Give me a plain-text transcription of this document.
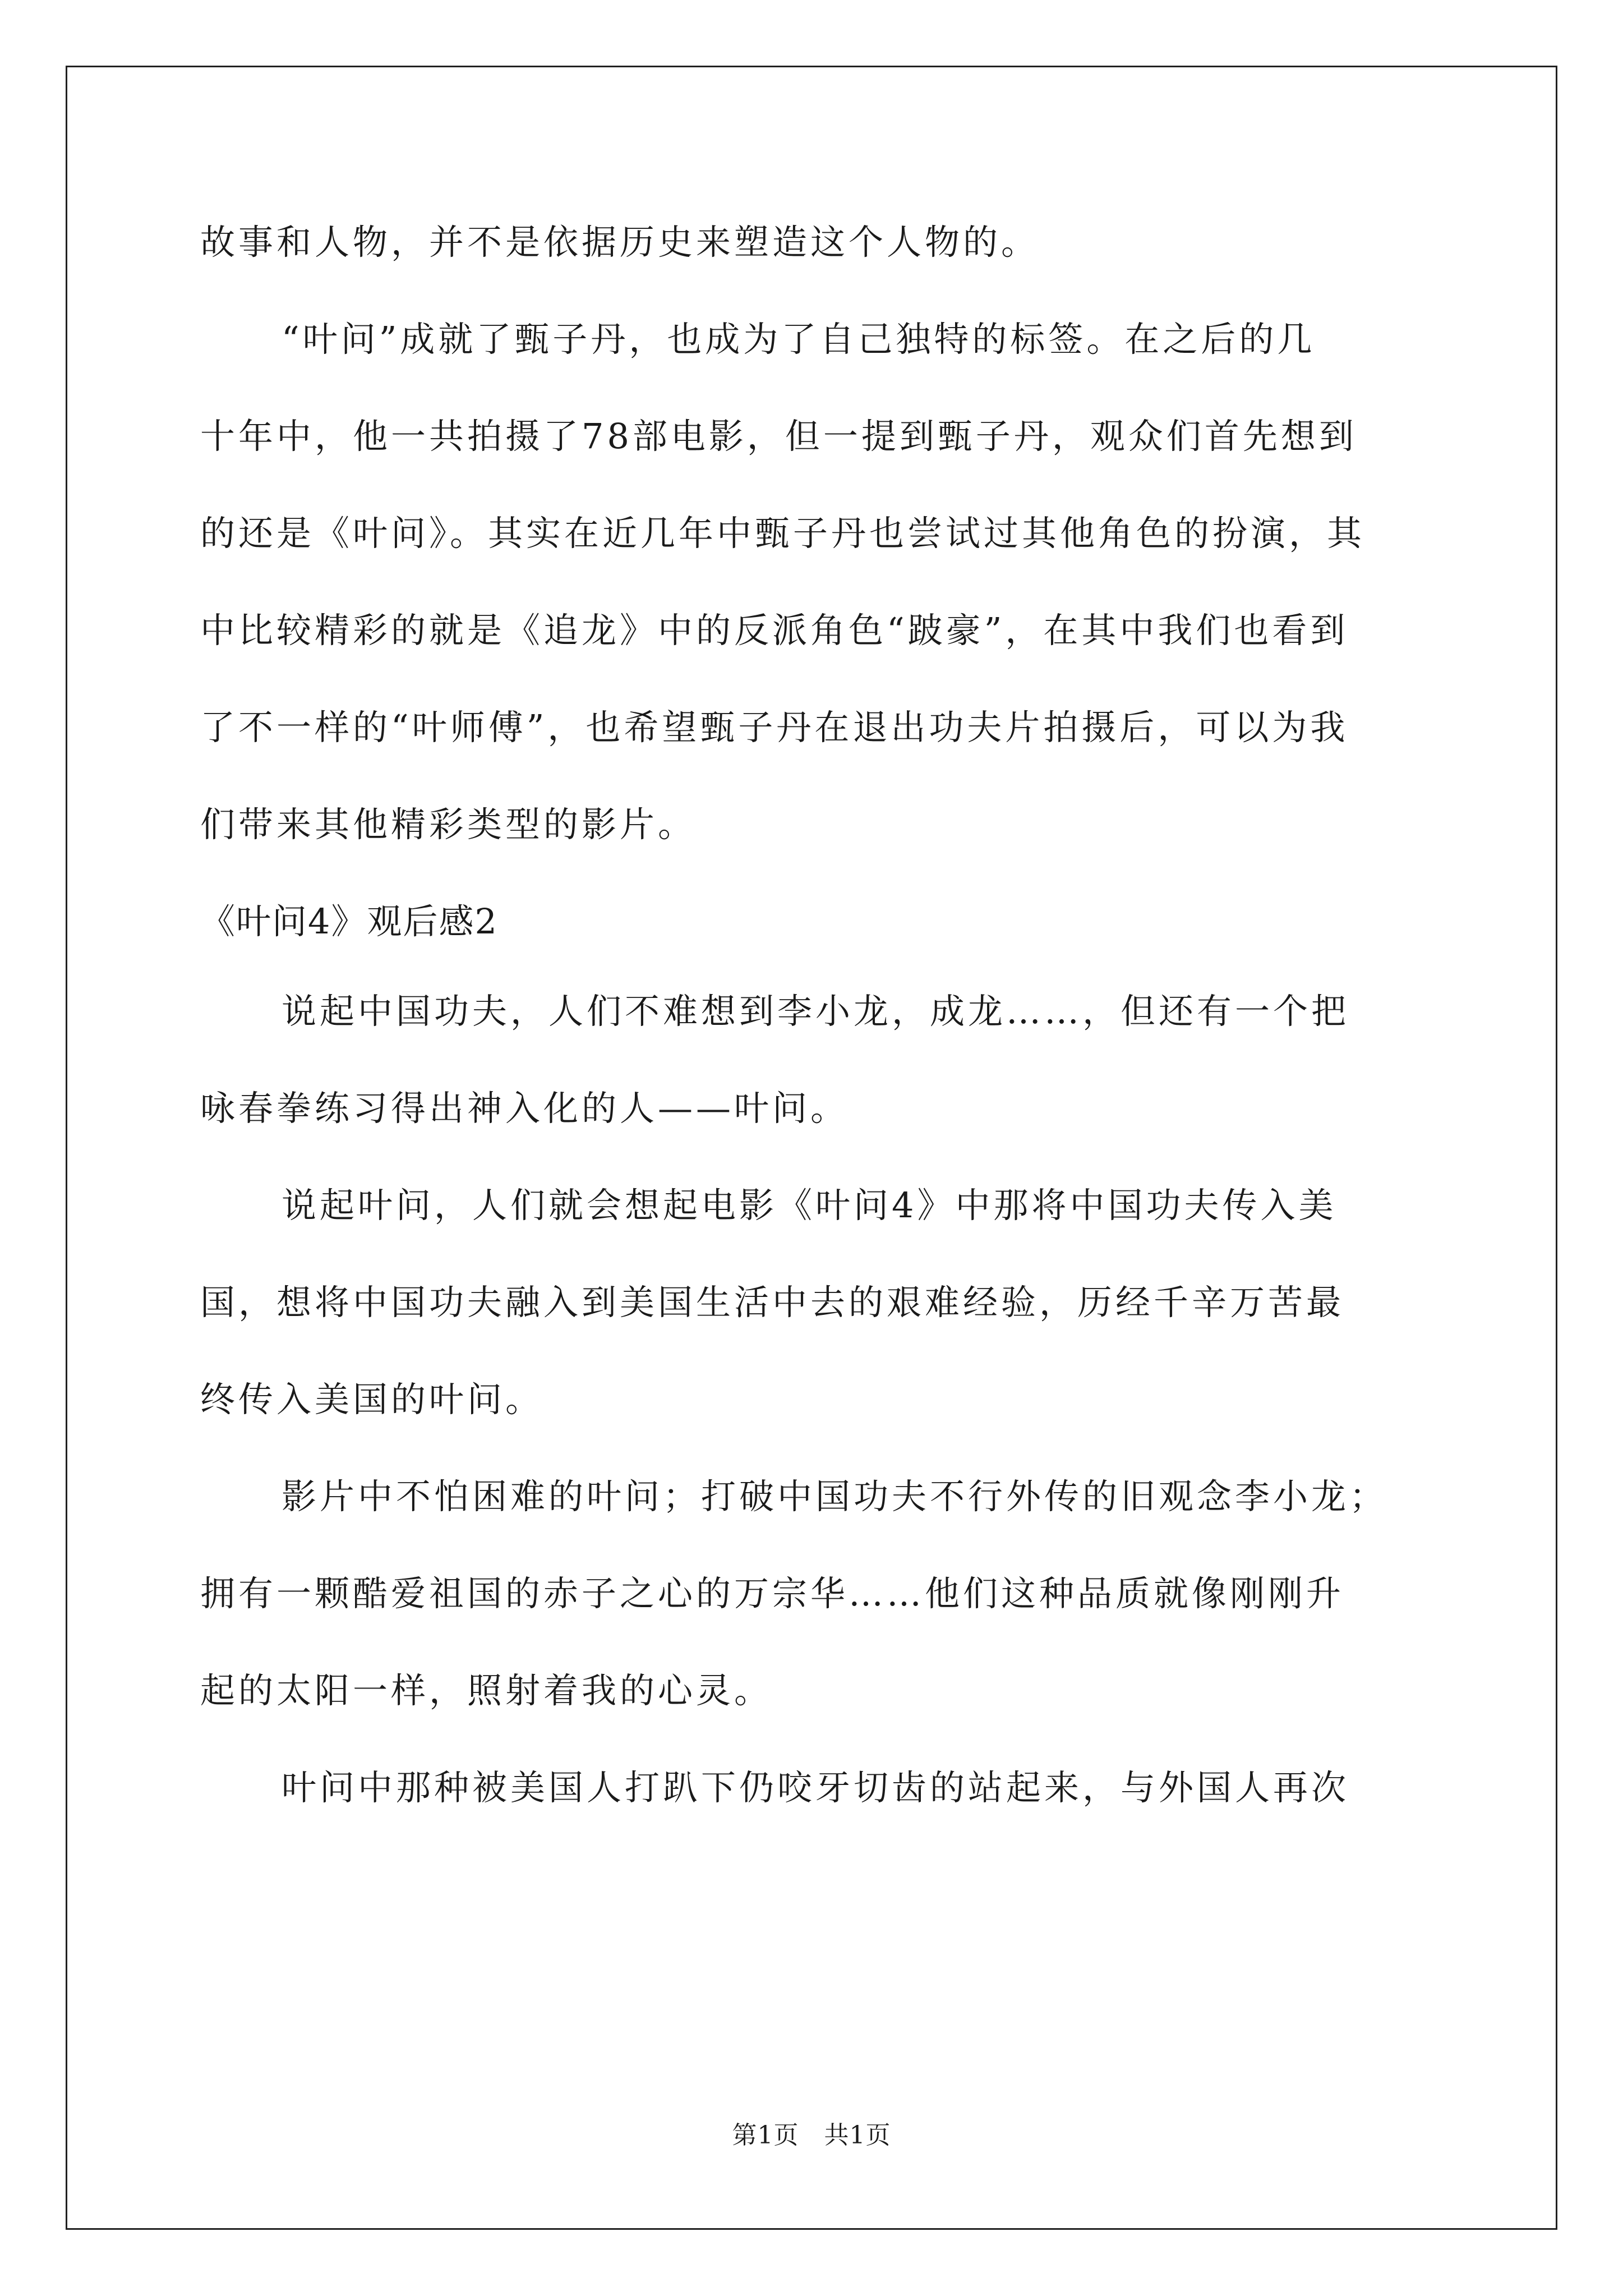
故事和人物，并不是依据历史来塑造这个人物的。
“叶问”成就了甄子丹，也成为了自己独特的标签。在之后的几
十年中，他一共拍摄了78部电影，但一提到甄子丹，观众们首先想到
的还是《叶问》。其实在近几年中甄子丹也尝试过其他角色的扮演，其
中比较精彩的就是《追龙》中的反派角色“跛豪”，在其中我们也看到
了不一样的“叶师傅”，也希望甄子丹在退出功夫片拍摄后，可以为我
们带来其他精彩类型的影片。
《叶问4》观后感2
说起中国功夫，人们不难想到李小龙，成龙……，但还有一个把
咏春拳练习得出神入化的人——叶问。
说起叶问，人们就会想起电影《叶问4》中那将中国功夫传入美
国，想将中国功夫融入到美国生活中去的艰难经验，历经千辛万苦最
终传入美国的叶问。
影片中不怕困难的叶问；打破中国功夫不行外传的旧观念李小龙；
拥有一颗酷爱祖国的赤子之心的万宗华……他们这种品质就像刚刚升
起的太阳一样，照射着我的心灵。
叶问中那种被美国人打趴下仍咬牙切齿的站起来，与外国人再次
第1页   共1页
